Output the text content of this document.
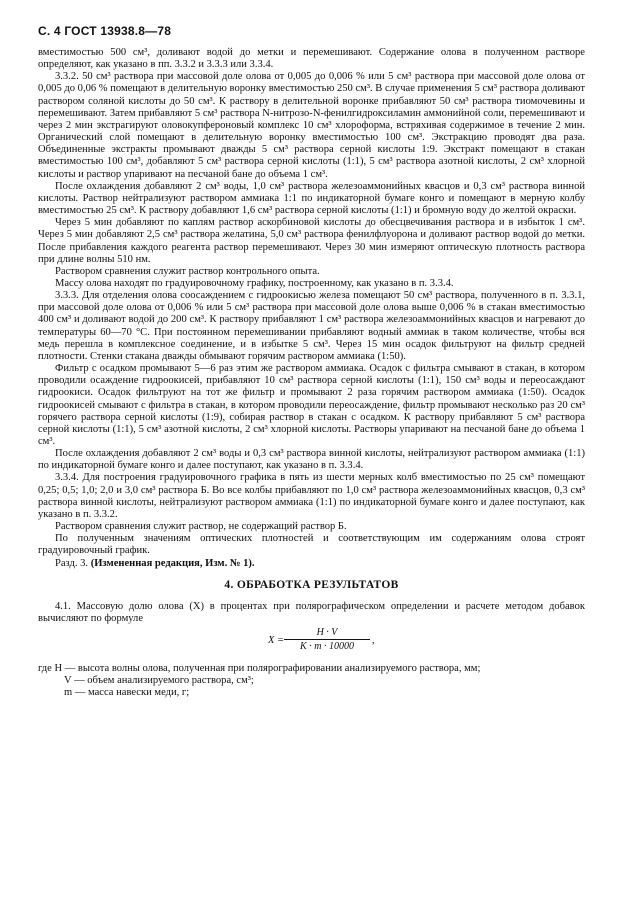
С. 4 ГОСТ 13938.8—78

вместимостью 500 см³, доливают водой до метки и перемешивают. Содержание олова в полученном растворе определяют, как указано в пп. 3.3.2 и 3.3.3 или 3.3.4.

3.3.2. 50 см³ раствора при массовой доле олова от 0,005 до 0,006 % или 5 см³ раствора при массовой доле олова от 0,005 до 0,06 % помещают в делительную воронку вместимостью 250 см³. В случае применения 5 см³ раствора доливают раствором соляной кислоты до 50 см³. К раствору в делительной воронке прибавляют 50 см³ раствора тиомочевины и перемешивают. Затем прибавляют 5 см³ раствора N-нитрозо-N-фенилгидроксиламин аммонийной соли, перемешивают и через 2 мин экстрагируют оловокупфероновый комплекс 10 см³ хлороформа, встряхивая содержимое в течение 2 мин. Органический слой помещают в делительную воронку вместимостью 100 см³. Экстракцию проводят два раза. Объединенные экстракты промывают дважды 5 см³ раствора серной кислоты 1:9. Экстракт помещают в стакан вместимостью 100 см³, добавляют 5 см³ раствора серной кислоты (1:1), 5 см³ раствора азотной кислоты, 2 см³ хлорной кислоты и раствор упаривают на песчаной бане до объема 1 см³.

После охлаждения добавляют 2 см³ воды, 1,0 см³ раствора железоаммонийных квасцов и 0,3 см³ раствора винной кислоты. Раствор нейтрализуют раствором аммиака 1:1 по индикаторной бумаге конго и помещают в мерную колбу вместимостью 25 см³. К раствору добавляют 1,6 см³ раствора серной кислоты (1:1) и бромную воду до желтой окраски.

Через 5 мин добавляют по каплям раствор аскорбиновой кислоты до обесцвечивания раствора и в избыток 1 см³. Через 5 мин добавляют 2,5 см³ раствора желатина, 5,0 см³ раствора фенилфлуорона и доливают раствор водой до метки. После прибавления каждого реагента раствор перемешивают. Через 30 мин измеряют оптическую плотность раствора при длине волны 510 нм.

Раствором сравнения служит раствор контрольного опыта.

Массу олова находят по градуировочному графику, построенному, как указано в п. 3.3.4.

3.3.3. Для отделения олова соосаждением с гидроокисью железа помещают 50 см³ раствора, полученного в п. 3.3.1, при массовой доле олова от 0,006 % или 5 см³ раствора при массовой доле олова выше 0,006 % в стакан вместимостью 400 см³ и доливают водой до 200 см³. К раствору прибавляют 1 см³ раствора железоаммонийных квасцов и нагревают до температуры 60—70 °С. При постоянном перемешивании прибавляют водный аммиак в таком количестве, чтобы вся медь перешла в комплексное соединение, и в избытке 5 см³. Через 15 мин осадок фильтруют на фильтр средней плотности. Стенки стакана дважды обмывают горячим раствором аммиака (1:50).

Фильтр с осадком промывают 5—6 раз этим же раствором аммиака. Осадок с фильтра смывают в стакан, в котором проводили осаждение гидроокисей, прибавляют 10 см³ раствора серной кислоты (1:1), 150 см³ воды и переосаждают гидроокиси. Осадок фильтруют на тот же фильтр и промывают 2 раза горячим раствором аммиака (1:50). Осадок гидроокисей смывают с фильтра в стакан, в котором проводили переосаждение, фильтр промывают несколько раз 20 см³ горячего раствора серной кислоты (1:9), собирая раствор в стакан с осадком. К раствору прибавляют 5 см³ раствора серной кислоты (1:1), 5 см³ азотной кислоты, 2 см³ хлорной кислоты. Растворы упаривают на песчаной бане до объема 1 см³.

После охлаждения добавляют 2 см³ воды и 0,3 см³ раствора винной кислоты, нейтрализуют раствором аммиака (1:1) по индикаторной бумаге конго и далее поступают, как указано в п. 3.3.4.

3.3.4. Для построения градуировочного графика в пять из шести мерных колб вместимостью по 25 см³ помещают 0,25; 0,5; 1,0; 2,0 и 3,0 см³ раствора Б. Во все колбы прибавляют по 1,0 см³ раствора железоаммонийных квасцов, 0,3 см³ раствора винной кислоты, нейтрализуют раствором аммиака (1:1) по индикаторной бумаге конго и далее поступают, как указано в п. 3.3.2.

Раствором сравнения служит раствор, не содержащий раствор Б.

По полученным значениям оптических плотностей и соответствующим им содержаниям олова строят градуировочный график.

Разд. 3. (Измененная редакция, Изм. № 1).

4. ОБРАБОТКА РЕЗУЛЬТАТОВ

4.1. Массовую долю олова (X) в процентах при полярографическом определении и расчете методом добавок вычисляют по формуле

$X = \frac{H \cdot V}{K \cdot m \cdot 10000}$ ,

где H — высота волны олова, полученная при полярографировании анализируемого раствора, мм;

V — объем анализируемого раствора, см³;

m — масса навески меди, г;
